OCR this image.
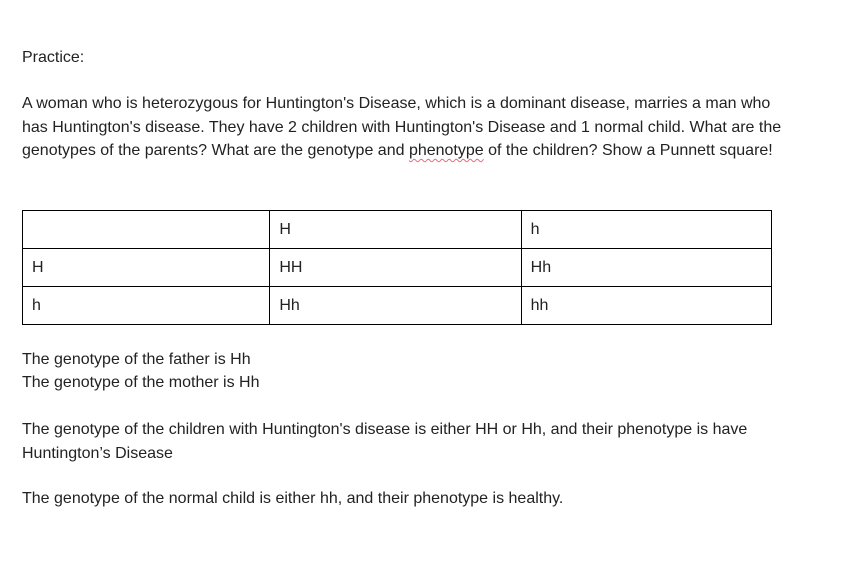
Practice:

A woman who is heterozygous for Huntington's Disease, which is a dominant disease, marries a man who has Huntington's disease. They have 2 children with Huntington's Disease and 1 normal child. What are the genotypes of the parents? What are the genotype and phenotype of the children? Show a Punnett square!

	H	h
H	HH	Hh
h	Hh	hh

The genotype of the father is Hh

The genotype of the mother is Hh

The genotype of the children with Huntington's disease is either HH or Hh, and their phenotype is have Huntington’s Disease

The genotype of the normal child is either hh, and their phenotype is healthy.
